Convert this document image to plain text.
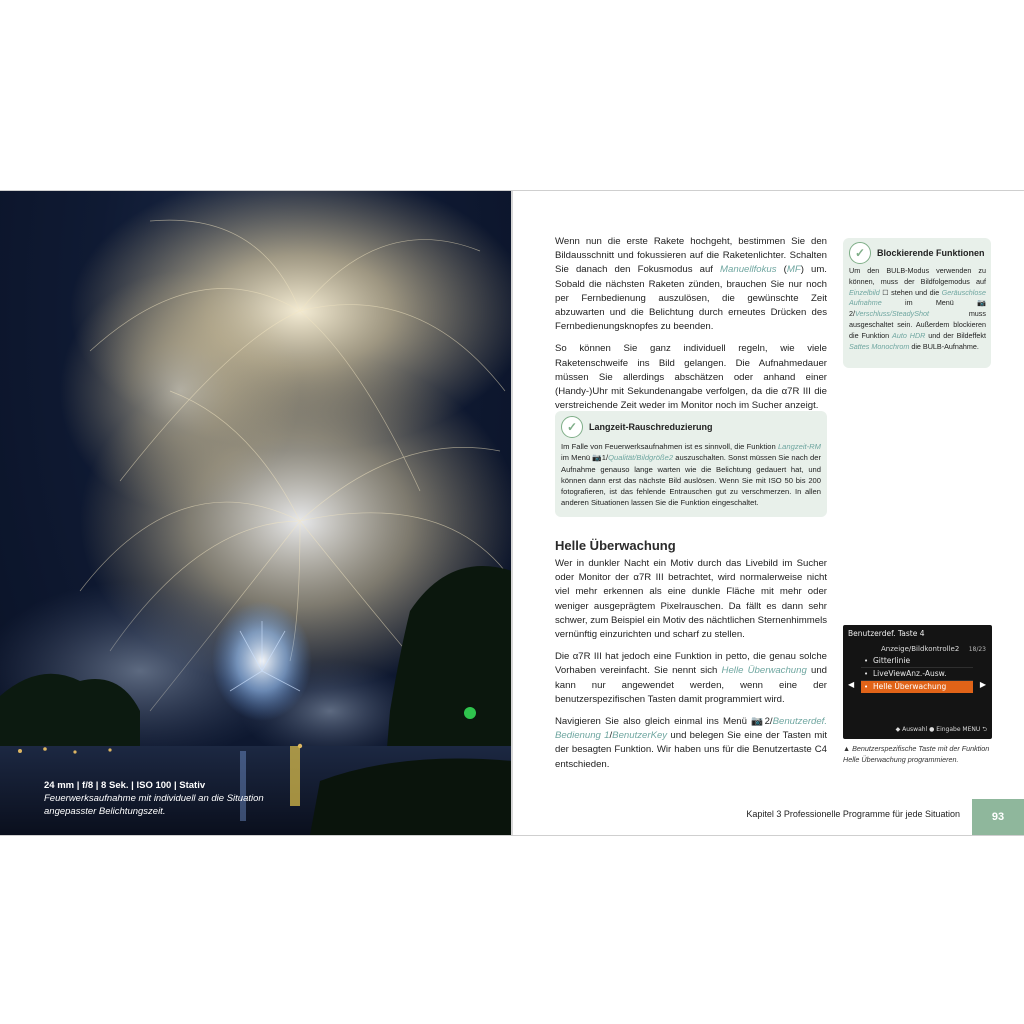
24 mm | f/8 | 8 Sek. | ISO 100 | Stativ
Feuerwerksaufnahme mit individuell an die Situation angepasster Belichtungszeit.

Wenn nun die erste Rakete hochgeht, bestimmen Sie den Bildausschnitt und fokussieren auf die Raketenlichter. Schalten Sie danach den Fokusmodus auf Manuellfokus (MF) um. Sobald die nächsten Raketen zünden, brauchen Sie nur noch per Fernbedienung auszulösen, die gewünschte Zeit abzuwarten und die Belichtung durch erneutes Drücken des Fernbedienungsknopfes zu beenden.

So können Sie ganz individuell regeln, wie viele Raketenschweife ins Bild gelangen. Die Aufnahmedauer müssen Sie allerdings abschätzen oder anhand einer (Handy-)Uhr mit Sekundenangabe verfolgen, da die α7R III die verstreichende Zeit weder im Monitor noch im Sucher anzeigt.

✓	Langzeit-Rauschreduzierung
Im Falle von Feuerwerksaufnahmen ist es sinnvoll, die Funktion Langzeit-RM im Menü 📷1/Qualität/Bildgröße2 auszuschalten. Sonst müssen Sie nach der Aufnahme genauso lange warten wie die Belichtung gedauert hat, und können dann erst das nächste Bild auslösen. Wenn Sie mit ISO 50 bis 200 fotografieren, ist das fehlende Entrauschen gut zu verschmerzen. In allen anderen Situationen lassen Sie die Funktion eingeschaltet.
Helle Überwachung

Wer in dunkler Nacht ein Motiv durch das Livebild im Sucher oder Monitor der α7R III betrachtet, wird normalerweise nicht viel mehr erkennen als eine dunkle Fläche mit mehr oder weniger ausgeprägtem Pixelrauschen. Da fällt es dann sehr schwer, zum Beispiel ein Motiv des nächtlichen Sternenhimmels vernünftig einzurichten und scharf zu stellen.

Die α7R III hat jedoch eine Funktion in petto, die genau solche Vorhaben vereinfacht. Sie nennt sich Helle Überwachung und kann nur angewendet werden, wenn eine der benutzerspezifischen Tasten damit programmiert wird.

Navigieren Sie also gleich einmal ins Menü 📷2/Benutzerdef. Bedienung 1/BenutzerKey und belegen Sie eine der Tasten mit der besagten Funktion. Wir haben uns für die Benutzertaste C4 entschieden.

✓	Blockierende Funktionen
Um den BULB-Modus verwenden zu können, muss der Bildfolgemodus auf Einzelbild ☐ stehen und die Geräuschlose Aufnahme im Menü 📷2/Verschluss/SteadyShot muss ausgeschaltet sein. Außerdem blockieren die Funktion Auto HDR und der Bildeffekt Sattes Monochrom die BULB-Aufnahme.
Benutzerdef. Taste 4
Anzeige/Bildkontrolle2 18/23
◀	▶
• Gitterlinie
• LiveViewAnz.-Ausw.
• Helle Überwachung
◆ Auswahl ● Eingabe MENU ⮌
▲ Benutzerspezifische Taste mit der Funktion Helle Überwachung programmieren.
Kapitel 3 Professionelle Programme für jede Situation	93
